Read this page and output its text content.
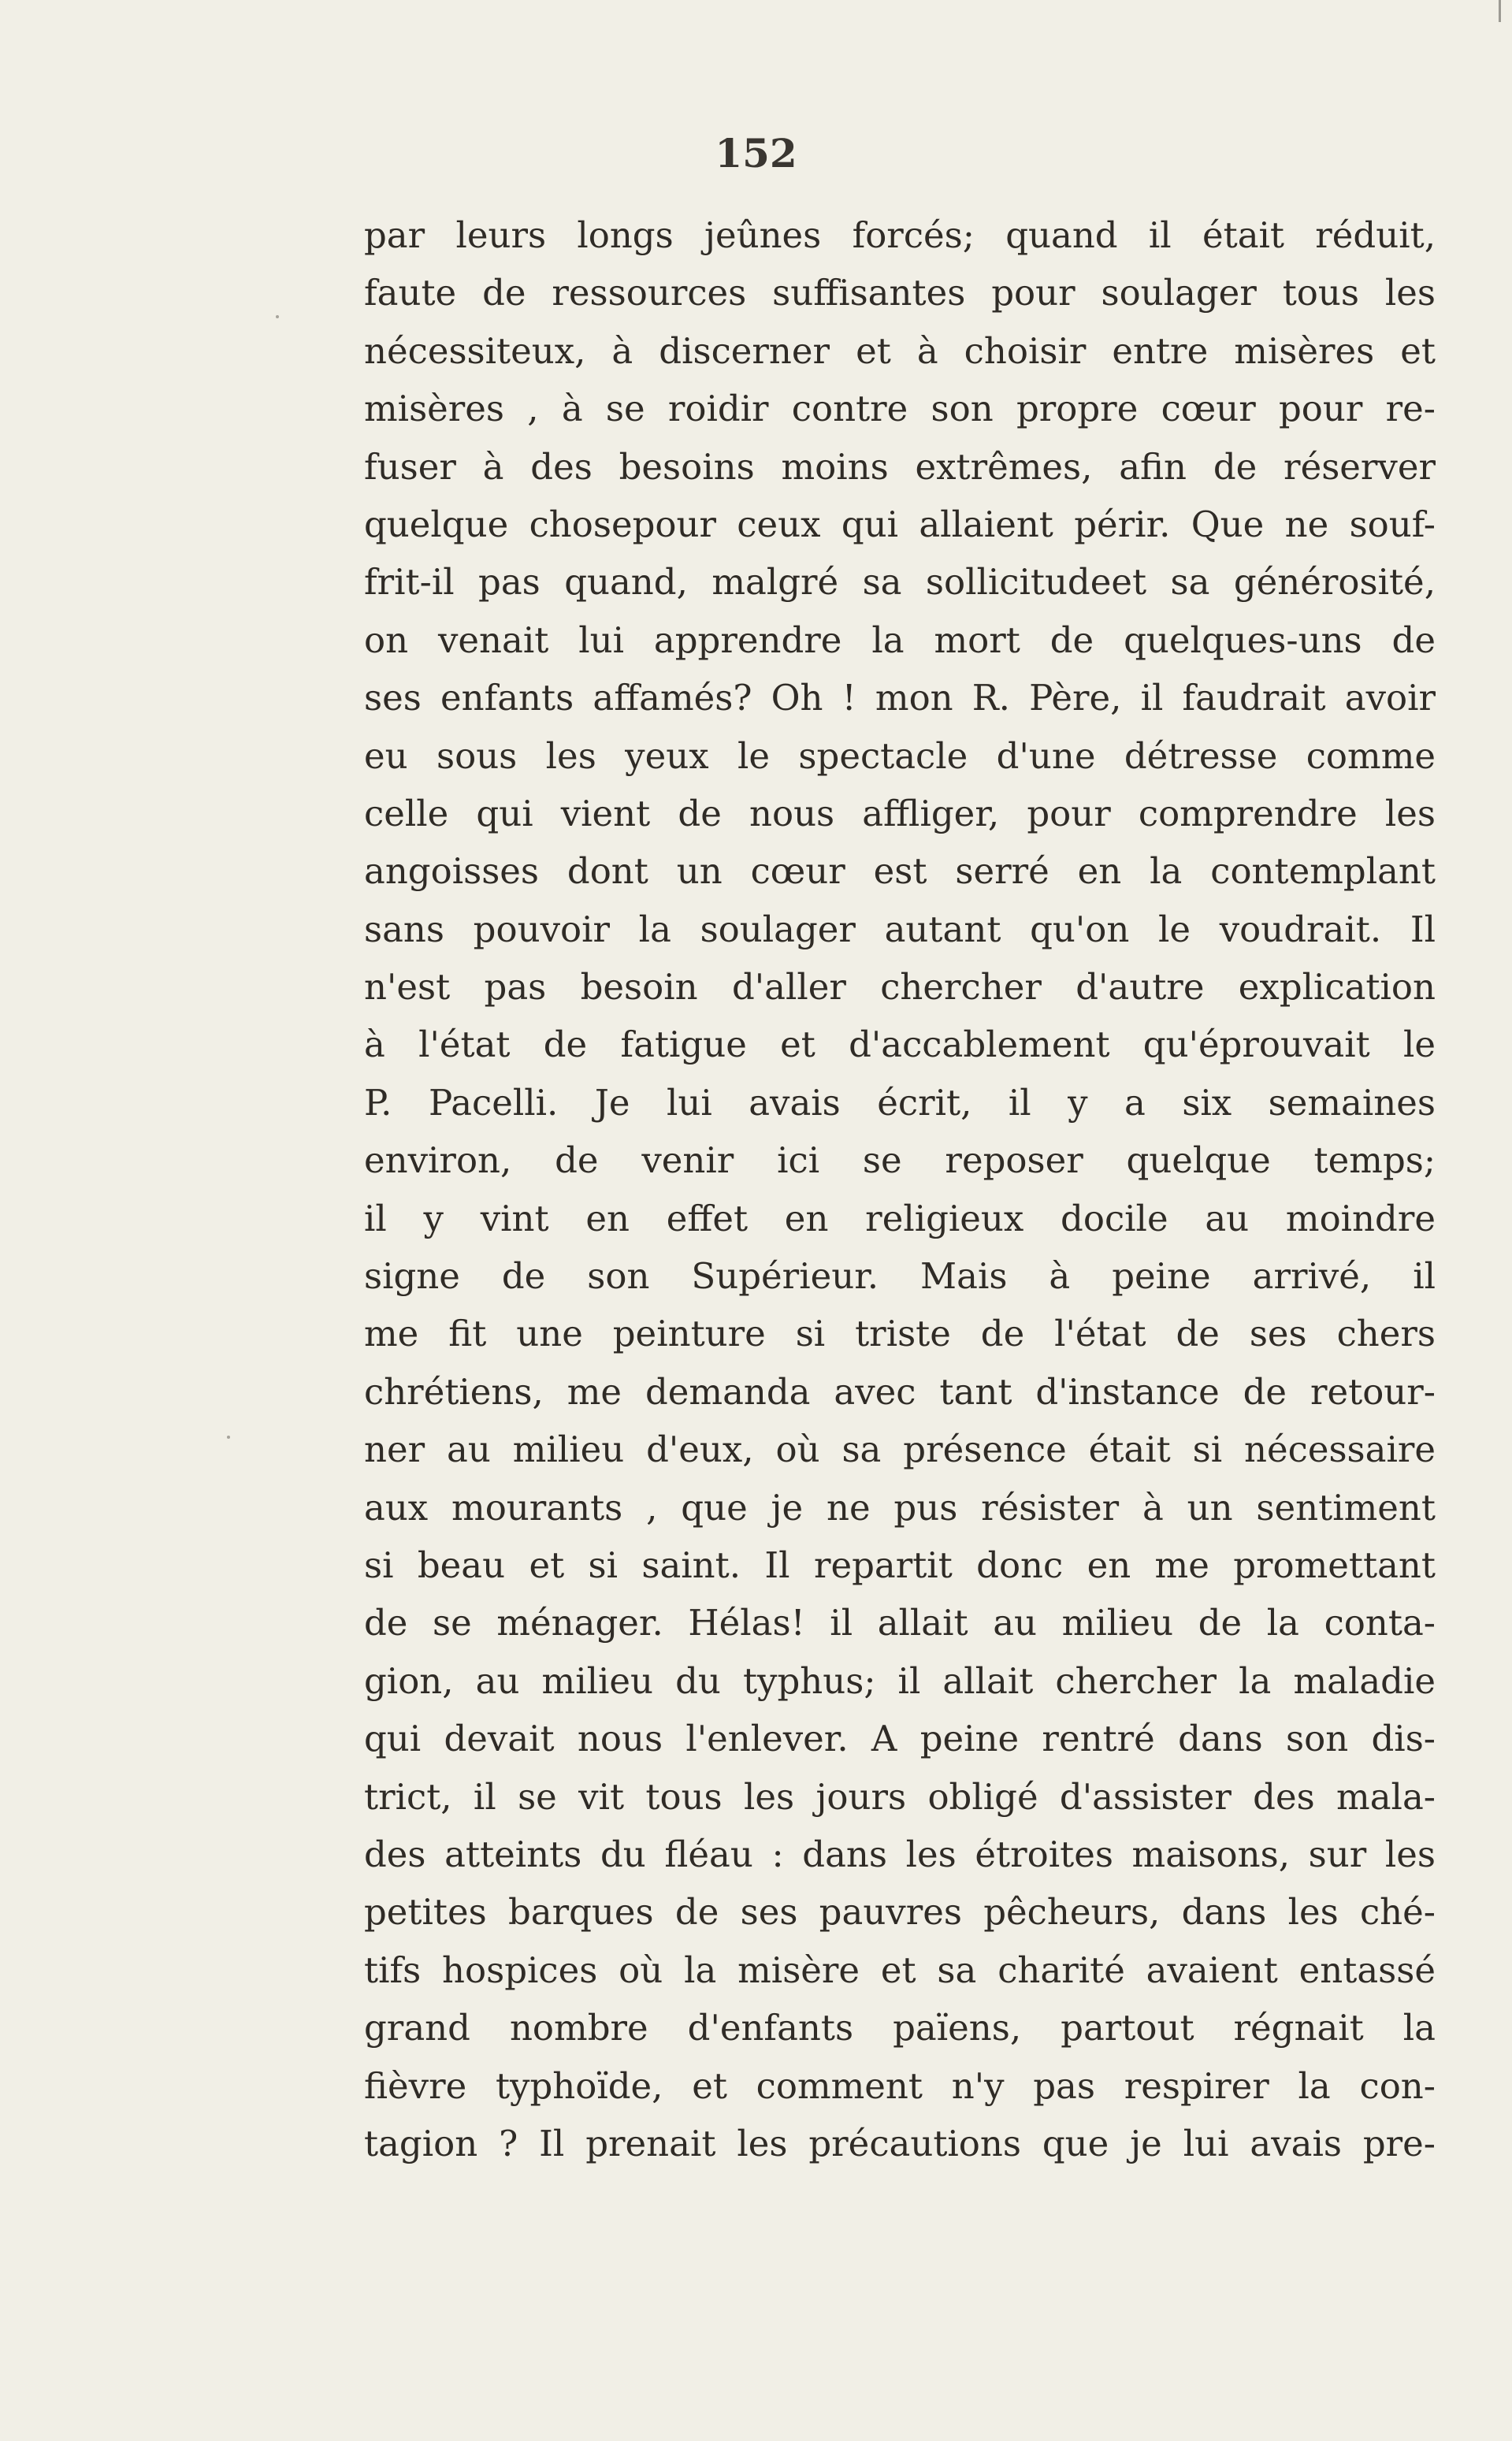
152
par leurs longs jeûnes forcés; quand il était réduit,
faute de ressources suffisantes pour soulager tous les
nécessiteux, à discerner et à choisir entre misères et
misères , à se roidir contre son propre cœur pour re-
fuser à des besoins moins extrêmes, afin de réserver
quelque chosepour ceux qui allaient périr. Que ne souf-
frit-il pas quand, malgré sa sollicitudeet sa générosité,
on venait lui apprendre la mort de quelques-uns de
ses enfants affamés? Oh ! mon R. Père, il faudrait avoir
eu sous les yeux le spectacle d'une détresse comme
celle qui vient de nous affliger, pour comprendre les
angoisses dont un cœur est serré en la contemplant
sans pouvoir la soulager autant qu'on le voudrait. Il
n'est pas besoin d'aller chercher d'autre explication
à l'état de fatigue et d'accablement qu'éprouvait le
P. Pacelli. Je lui avais écrit, il y a six semaines
environ, de venir ici se reposer quelque temps;
il y vint en effet en religieux docile au moindre
signe de son Supérieur. Mais à peine arrivé, il
me fit une peinture si triste de l'état de ses chers
chrétiens, me demanda avec tant d'instance de retour-
ner au milieu d'eux, où sa présence était si nécessaire
aux mourants , que je ne pus résister à un sentiment
si beau et si saint. Il repartit donc en me promettant
de se ménager. Hélas! il allait au milieu de la conta-
gion, au milieu du typhus; il allait chercher la maladie
qui devait nous l'enlever. A peine rentré dans son dis-
trict, il se vit tous les jours obligé d'assister des mala-
des atteints du fléau : dans les étroites maisons, sur les
petites barques de ses pauvres pêcheurs, dans les ché-
tifs hospices où la misère et sa charité avaient entassé
grand nombre d'enfants païens, partout régnait la
fièvre typhoïde, et comment n'y pas respirer la con-
tagion ? Il prenait les précautions que je lui avais pre-
